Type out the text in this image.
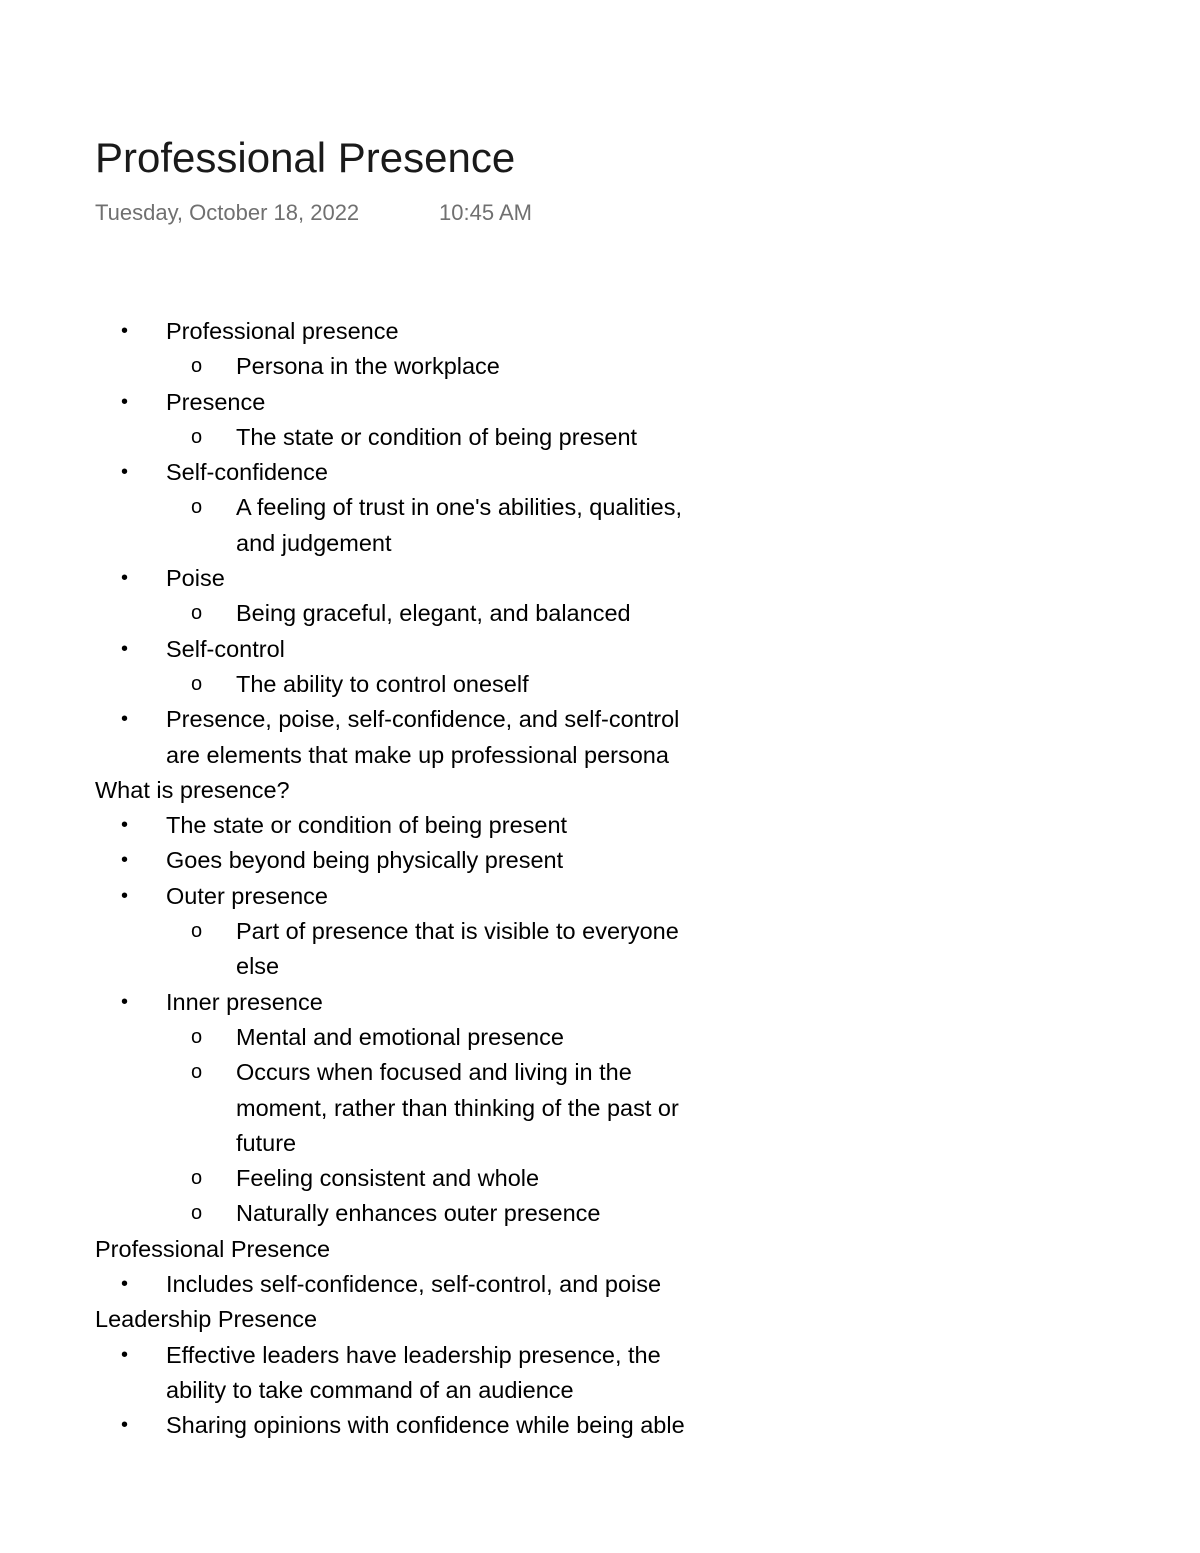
Professional Presence
Tuesday, October 18, 2022	10:45 AM
• Professional presence
o Persona in the workplace
• Presence
o The state or condition of being present
• Self-confidence
o A feeling of trust in one's abilities, qualities,
and judgement
• Poise
o Being graceful, elegant, and balanced
• Self-control
o The ability to control oneself
• Presence, poise, self-confidence, and self-control
are elements that make up professional persona
What is presence?
• The state or condition of being present
• Goes beyond being physically present
• Outer presence
o Part of presence that is visible to everyone
else
• Inner presence
o Mental and emotional presence
o Occurs when focused and living in the
moment, rather than thinking of the past or
future
o Feeling consistent and whole
o Naturally enhances outer presence
Professional Presence
• Includes self-confidence, self-control, and poise
Leadership Presence
• Effective leaders have leadership presence, the
ability to take command of an audience
• Sharing opinions with confidence while being able
